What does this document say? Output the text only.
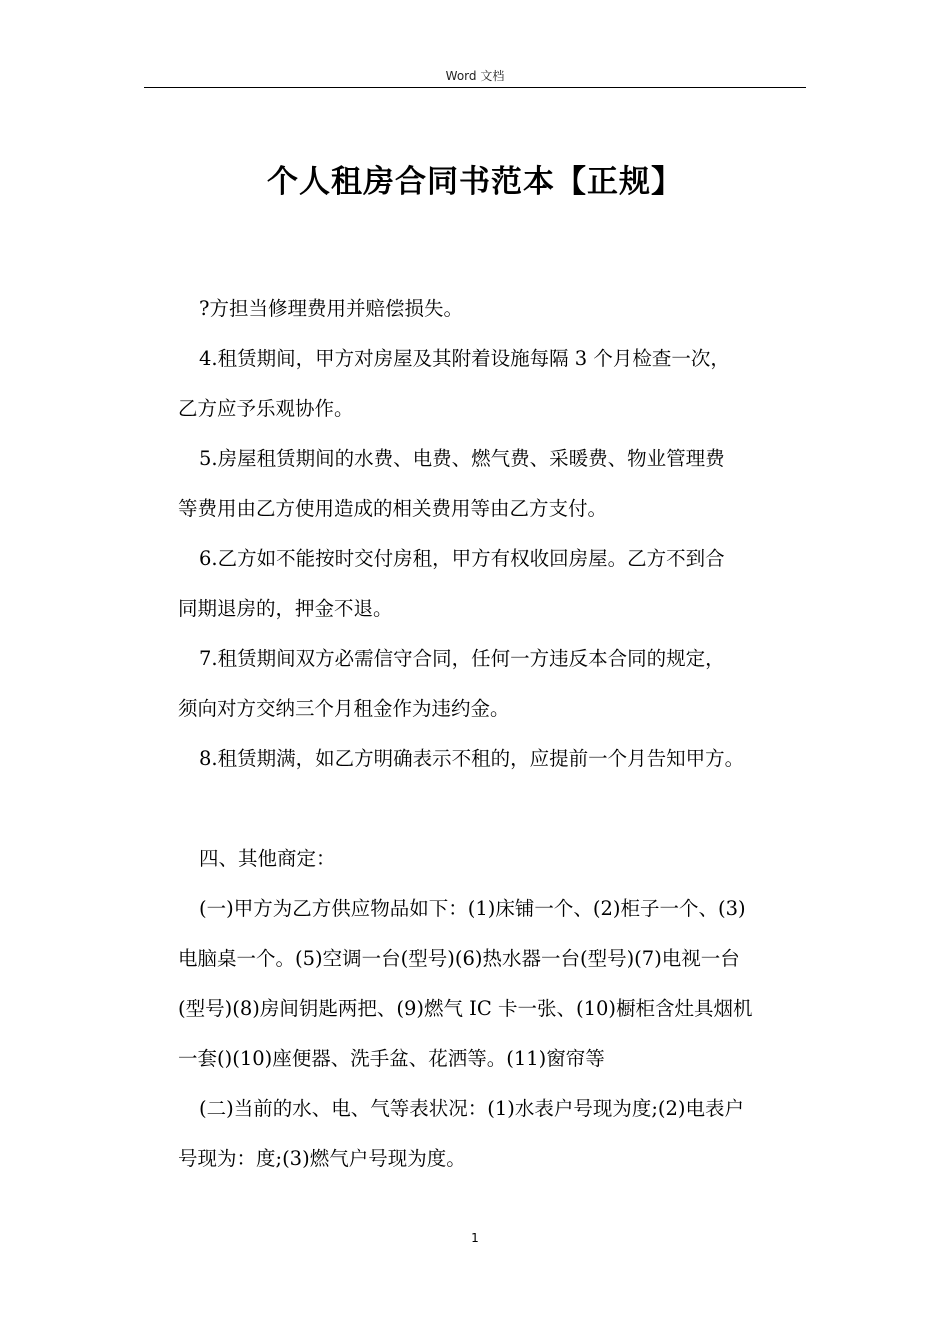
Word 文档
个人租房合同书范本【正规】
?方担当修理费用并赔偿损失。
4.租赁期间，甲方对房屋及其附着设施每隔 3 个月检查一次，
乙方应予乐观协作。
5.房屋租赁期间的水费、电费、燃气费、采暖费、物业管理费
等费用由乙方使用造成的相关费用等由乙方支付。
6.乙方如不能按时交付房租，甲方有权收回房屋。乙方不到合
同期退房的，押金不退。
7.租赁期间双方必需信守合同，任何一方违反本合同的规定，
须向对方交纳三个月租金作为违约金。
8.租赁期满，如乙方明确表示不租的，应提前一个月告知甲方。
四、其他商定：
(一)甲方为乙方供应物品如下：(1)床铺一个、(2)柜子一个、(3)
电脑桌一个。(5)空调一台(型号)(6)热水器一台(型号)(7)电视一台
(型号)(8)房间钥匙两把、(9)燃气 IC 卡一张、(10)橱柜含灶具烟机
一套()(10)座便器、洗手盆、花洒等。(11)窗帘等
(二)当前的水、电、气等表状况：(1)水表户号现为度;(2)电表户
号现为：度;(3)燃气户号现为度。
1
